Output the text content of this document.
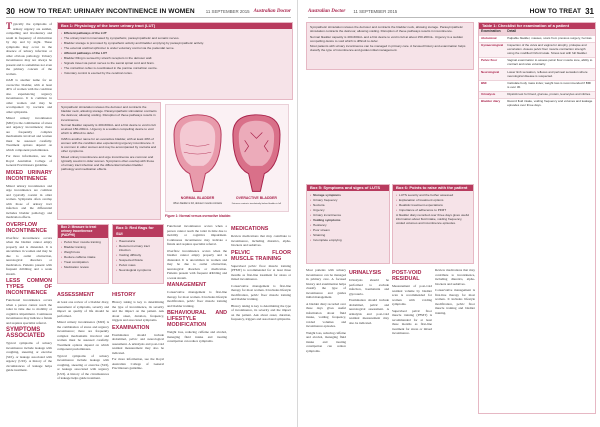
30 HOW TO TREAT: URINARY INCONTINENCE IN WOMEN	11 SEPTEMBER 2015 Australian Doctor

Typically the symptoms of urinary urgency are sudden, compelling and involuntary and result in frequency of micturition by day and by night. These symptoms may occur in the absence of urinary infection or other obvious pathology. Urinary incontinence may not always be present and is sometimes not even the primary concern of the woman.

OAB is another name for an overactive bladder, with at least 40% of women with the condition also experiencing urgency incontinence. It is common in older women and may be accompanied by nocturia and other symptoms.

Mixed urinary incontinence (MUI) is the combination of stress and urgency incontinence; there are frequently complex mechanisms involved and women must be assessed carefully. Treatment options depend on which component predominates.

For more information, see the Royal Australian College of General Practitioners guideline.

MIXED URINARY INCONTINENCE

Mixed urinary incontinence and urge incontinence are common and typically coexist in older women. Symptoms often overlap with those of urinary tract infection and the differential includes bladder pathology and medication effects.

OVERFLOW INCONTINENCE

Overflow incontinence occurs when the bladder cannot empty properly and is distended. It is uncommon in women and may be due to outlet obstruction, neurological disorders or medication. Patients present with frequent dribbling and a weak stream.

LESS COMMON TYPES OF INCONTINENCE

Functional incontinence occurs when a person cannot reach the toilet in time due to mobility or cognitive impairment. Continuous incontinence may indicate a fistula and requires specialist referral.

SYMPTOMS ASSOCIATED

Typical symptoms of urinary incontinence include leakage with coughing, sneezing or exercise (SUI), or leakage associated with urgency (UUI). A history of the circumstances of leakage helps guide treatment.

Box 1: Physiology of the lower urinary tract (LUT)
• Efferent pathways of the LUT
• The urinary tract is innervated by sympathetic, parasympathetic and somatic nerves.
• Bladder storage is promoted by sympathetic activity and bladder emptying by parasympathetic activity.
• The external urethral sphincter is under voluntary control via the pudendal nerve.
• Afferent pathways of the LUT
• Bladder filling is sensed by stretch receptors in the detrusor wall.
• Signals travel via pelvic nerves to the sacral spinal cord and brain.
• The micturition reflex is coordinated in the pontine micturition centre.
• Voluntary control is exerted by the cerebral cortex.

Sympathetic stimulation relaxes the detrusor and contracts the bladder neck, allowing storage. Parasympathetic stimulation contracts the detrusor, allowing voiding. Disruption of these pathways results in incontinence.

Normal bladder capacity is 400-600mL and a first desire to void is felt at about 150-200mL. Urgency is a sudden compelling desire to void which is difficult to defer.

OAB is another name for an overactive bladder, with at least 40% of women with the condition also experiencing urgency incontinence. It is common in older women and may be accompanied by nocturia and other symptoms.

Mixed urinary incontinence and urge incontinence are common and typically coexist in older women. Symptoms often overlap with those of urinary tract infection and the differential includes bladder pathology and medication effects.

NORMAL BLADDER
When bladder is full, detrusor muscle contracts
OVERACTIVE BLADDER
Detrusor contracts involuntarily before bladder is full
Figure 1: Normal versus overactive bladder.
Box 2: Measure to treat urinary incontinence (PADPHI)
• Pelvic floor muscle training
• Bladder training
• Weight loss
• Reduce caffeine intake
• Treat constipation
• Medication review
Box 3: Red flags for SUI
• Haematuria
• Recurrent urinary tract infection
• Voiding difficulty
• Suspected fistula
• Pelvic mass
• Neurological symptoms
ASSESSMENT

At least one review of a bladder diary, assessment of symptoms, severity and impact on quality of life should be performed.

Mixed urinary incontinence (MUI) is the combination of stress and urgency incontinence; there are frequently complex mechanisms involved and women must be assessed carefully. Treatment options depend on which component predominates.

Typical symptoms of urinary incontinence include leakage with coughing, sneezing or exercise (SUI), or leakage associated with urgency (UUI). A history of the circumstances of leakage helps guide treatment.

HISTORY

History taking is key to determining the type of incontinence, its severity and the impact on the patient. Ask about onset, duration, frequency, triggers and associated symptoms.

EXAMINATION

Examination should include abdominal, pelvic and neurological assessment. A urinalysis and post-void residual measurement may also be indicated.

For more information, see the Royal Australian College of General Practitioners guideline.

Functional incontinence occurs when a person cannot reach the toilet in time due to mobility or cognitive impairment. Continuous incontinence may indicate a fistula and requires specialist referral.

Overflow incontinence occurs when the bladder cannot empty properly and is distended. It is uncommon in women and may be due to outlet obstruction, neurological disorders or medication. Patients present with frequent dribbling and a weak stream.

MANAGEMENT

Conservative management is first-line therapy for most women. It includes lifestyle modification, pelvic floor muscle training and bladder training.

BEHAVIOURAL AND LIFESTYLE MODIFICATION

Weight loss, reducing caffeine and alcohol, managing fluid intake and treating constipation can reduce symptoms.

MEDICATIONS

Review medications that may contribute to incontinence, including diuretics, alpha-blockers and sedatives.

PELVIC FLOOR MUSCLE TRAINING

Supervised pelvic floor muscle training (PFMT) is recommended for at least three months as first-line treatment for stress or mixed incontinence.

Conservative management is first-line therapy for most women. It includes lifestyle modification, pelvic floor muscle training and bladder training.

History taking is key to determining the type of incontinence, its severity and the impact on the patient. Ask about onset, duration, frequency, triggers and associated symptoms.

Australian Doctor 11 SEPTEMBER 2015	HOW TO TREAT 31

Sympathetic stimulation relaxes the detrusor and contracts the bladder neck, allowing storage. Parasympathetic stimulation contracts the detrusor, allowing voiding. Disruption of these pathways results in incontinence.

Normal bladder capacity is 400-600mL and a first desire to void is felt at about 150-200mL. Urgency is a sudden compelling desire to void which is difficult to defer.

Most patients with urinary incontinence can be managed in primary care. A focused history and examination helps classify the type of incontinence and guides initial management.

Box 5: Symptoms and signs of LUTS
• Storage symptoms
• Urinary frequency
• Nocturia
• Urgency
• Urinary incontinence
• Voiding symptoms
• Hesitancy
• Poor stream
• Straining
• Incomplete emptying
Box 6: Points to raise with the patient
• LUTS severity and the bother assessed
• Explanation of treatment options
• Realistic treatment expectations
• Importance of adherence to PFMT

A bladder diary recorded over three days gives useful information about fluid intake, voiding frequency, voided volumes and incontinence episodes.

Most patients with urinary incontinence can be managed in primary care. A focused history and examination helps classify the type of incontinence and guides initial management.

A bladder diary recorded over three days gives useful information about fluid intake, voiding frequency, voided volumes and incontinence episodes.

Weight loss, reducing caffeine and alcohol, managing fluid intake and treating constipation can reduce symptoms.

URINALYSIS

Urinalysis should be performed to exclude infection, haematuria and glycosuria.

Examination should include abdominal, pelvic and neurological assessment. A urinalysis and post-void residual measurement may also be indicated.

POST-VOID RESIDUAL

Measurement of post-void residual volume by bladder scan is recommended for women with voiding symptoms.

Supervised pelvic floor muscle training (PFMT) is recommended for at least three months as first-line treatment for stress or mixed incontinence.

Review medications that may contribute to incontinence, including diuretics, alpha-blockers and sedatives.

Conservative management is first-line therapy for most women. It includes lifestyle modification, pelvic floor muscle training and bladder training.

Table 1: Checklist for examination of a patient
Examination	Detail
Abdominal	Palpable bladder, masses, scars from previous surgery, hernias.
Gynaecological	Inspection of the vulva and vagina for atrophy, prolapse and excoriation. Assess pelvic floor muscle contraction strength using the modified Oxford scale. Stress test with full bladder.
Pelvic floor	Vaginal examination to assess pelvic floor muscle tone, ability to contract and relax voluntarily.
Neurological	Lower limb sensation, reflexes and perineal sensation where neurological disease is suspected.
BMI	Calculate body mass index; weight loss is recommended if BMI is over 30.
Urinalysis	Dipstick test for blood, glucose, protein, leucocytes and nitrites.
Bladder diary	Record fluid intake, voiding frequency and volumes and leakage episodes over three days.
